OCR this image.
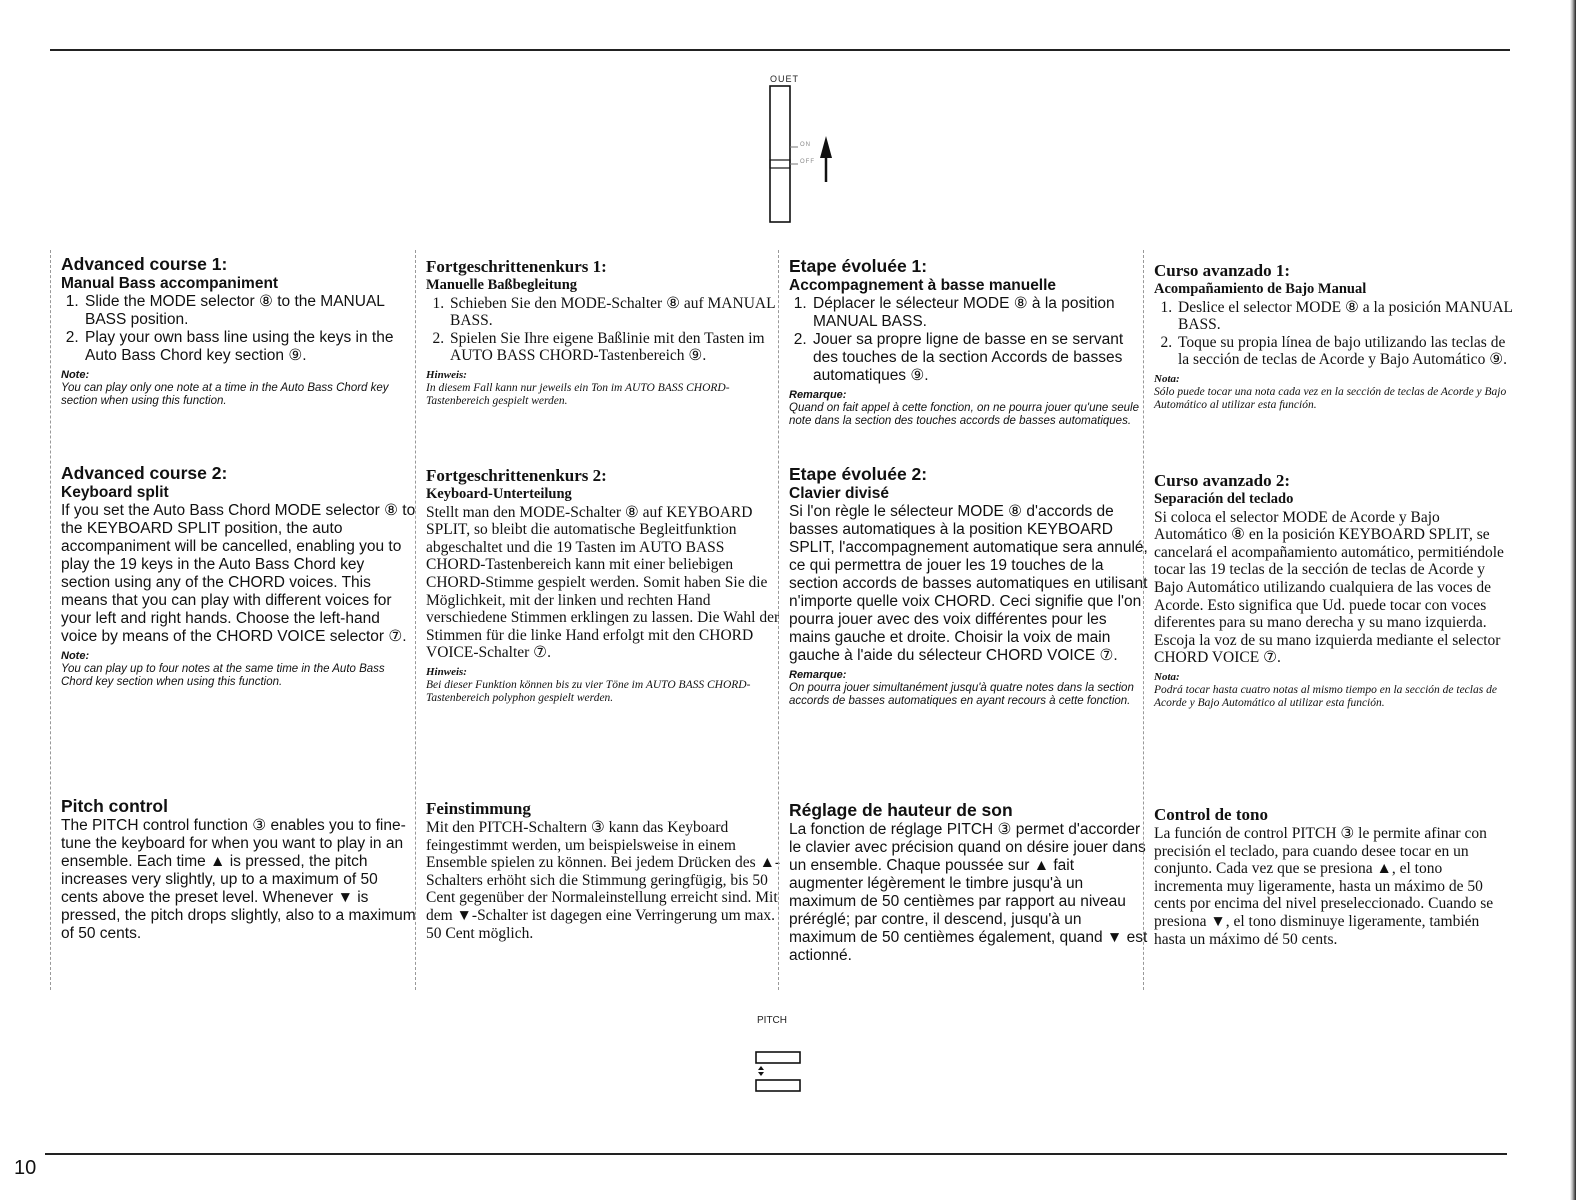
OUET
ON
OFF
Advanced course 1:
Manual Bass accompaniment
1. Slide the MODE selector ⑧ to the MANUAL BASS position.
2. Play your own bass line using the keys in the Auto Bass Chord key section ⑨.
Note:
You can play only one note at a time in the Auto Bass Chord key section when using this function.
Advanced course 2:
Keyboard split

If you set the Auto Bass Chord MODE selector ⑧ to the KEYBOARD SPLIT position, the auto accompaniment will be cancelled, enabling you to play the 19 keys in the Auto Bass Chord key section using any of the CHORD voices. This means that you can play with different voices for your left and right hands. Choose the left-hand voice by means of the CHORD VOICE selector ⑦.

Note:
You can play up to four notes at the same time in the Auto Bass Chord key section when using this function.
Pitch control

The PITCH control function ③ enables you to fine-tune the keyboard for when you want to play in an ensemble. Each time ▲ is pressed, the pitch increases very slightly, up to a maximum of 50 cents above the preset level. Whenever ▼ is pressed, the pitch drops slightly, also to a maximum of 50 cents.

Fortgeschrittenenkurs 1:
Manuelle Baßbegleitung
1. Schieben Sie den MODE-Schalter ⑧ auf MANUAL BASS.
2. Spielen Sie Ihre eigene Baßlinie mit den Tasten im AUTO BASS CHORD-Tastenbereich ⑨.
Hinweis:
In diesem Fall kann nur jeweils ein Ton im AUTO BASS CHORD-Tastenbereich gespielt werden.
Fortgeschrittenenkurs 2:
Keyboard-Unterteilung

Stellt man den MODE-Schalter ⑧ auf KEYBOARD SPLIT, so bleibt die automatische Begleitfunktion abgeschaltet und die 19 Tasten im AUTO BASS CHORD-Tastenbereich kann mit einer beliebigen CHORD-Stimme gespielt werden. Somit haben Sie die Möglichkeit, mit der linken und rechten Hand verschiedene Stimmen erklingen zu lassen. Die Wahl der Stimmen für die linke Hand erfolgt mit den CHORD VOICE-Schalter ⑦.

Hinweis:
Bei dieser Funktion können bis zu vier Töne im AUTO BASS CHORD-Tastenbereich polyphon gespielt werden.
Feinstimmung

Mit den PITCH-Schaltern ③ kann das Keyboard feingestimmt werden, um beispielsweise in einem Ensemble spielen zu können. Bei jedem Drücken des ▲-Schalters erhöht sich die Stimmung geringfügig, bis 50 Cent gegenüber der Normaleinstellung erreicht sind. Mit dem ▼-Schalter ist dagegen eine Verringerung um max. 50 Cent möglich.

Etape évoluée 1:
Accompagnement à basse manuelle
1. Déplacer le sélecteur MODE ⑧ à la position MANUAL BASS.
2. Jouer sa propre ligne de basse en se servant des touches de la section Accords de basses automatiques ⑨.
Remarque:
Quand on fait appel à cette fonction, on ne pourra jouer qu'une seule note dans la section des touches accords de basses automatiques.
Etape évoluée 2:
Clavier divisé

Si l'on règle le sélecteur MODE ⑧ d'accords de basses automatiques à la position KEYBOARD SPLIT, l'accompagnement automatique sera annulé, ce qui permettra de jouer les 19 touches de la section accords de basses automatiques en utilisant n'importe quelle voix CHORD. Ceci signifie que l'on pourra jouer avec des voix différentes pour les mains gauche et droite. Choisir la voix de main gauche à l'aide du sélecteur CHORD VOICE ⑦.

Remarque:
On pourra jouer simultanément jusqu'à quatre notes dans la section accords de basses automatiques en ayant recours à cette fonction.
Réglage de hauteur de son

La fonction de réglage PITCH ③ permet d'accorder le clavier avec précision quand on désire jouer dans un ensemble. Chaque poussée sur ▲ fait augmenter légèrement le timbre jusqu'à un maximum de 50 centièmes par rapport au niveau préréglé; par contre, il descend, jusqu'à un maximum de 50 centièmes également, quand ▼ est actionné.

Curso avanzado 1:
Acompañamiento de Bajo Manual
1. Deslice el selector MODE ⑧ a la posición MANUAL BASS.
2. Toque su propia línea de bajo utilizando las teclas de la sección de teclas de Acorde y Bajo Automático ⑨.
Nota:
Sólo puede tocar una nota cada vez en la sección de teclas de Acorde y Bajo Automático al utilizar esta función.
Curso avanzado 2:
Separación del teclado

Si coloca el selector MODE de Acorde y Bajo Automático ⑧ en la posición KEYBOARD SPLIT, se cancelará el acompañamiento automático, permitiéndole tocar las 19 teclas de la sección de teclas de Acorde y Bajo Automático utilizando cualquiera de las voces de Acorde. Esto significa que Ud. puede tocar con voces diferentes para su mano derecha y su mano izquierda. Escoja la voz de su mano izquierda mediante el selector CHORD VOICE ⑦.

Nota:
Podrá tocar hasta cuatro notas al mismo tiempo en la sección de teclas de Acorde y Bajo Automático al utilizar esta función.
Control de tono

La función de control PITCH ③ le permite afinar con precisión el teclado, para cuando desee tocar en un conjunto. Cada vez que se presiona ▲, el tono incrementa muy ligeramente, hasta un máximo de 50 cents por encima del nivel preseleccionado. Cuando se presiona ▼, el tono disminuye ligeramente, también hasta un máximo dé 50 cents.

PITCH
10
